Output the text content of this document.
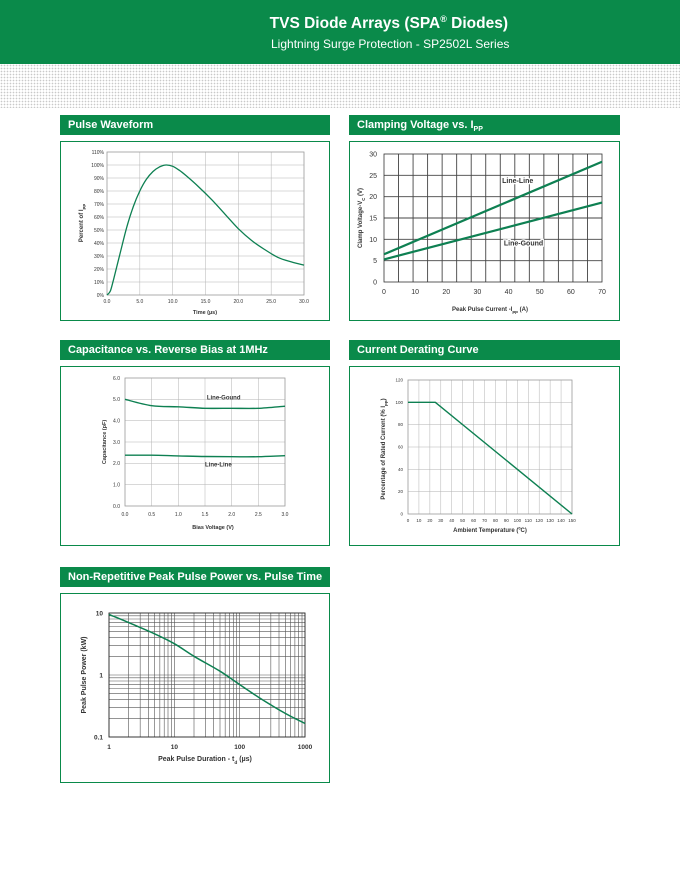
TVS Diode Arrays (SPA® Diodes)
Lightning Surge Protection - SP2502L Series
Pulse Waveform
0.0	5.0	10.0	15.0	20.0	25.0	30.0
0%
10%
20%
30%
40%
50%
60%
70%
80%
90%
100%
110%
Time (µs)
Percent of $I_{PP}$
Clamping Voltage vs. $I_{PP}$
0	10	20	30	40	50	60	70
0
5
10
15
20
25
30
Line-Line
Line-Gound
Peak Pulse Current $-I_{PP}$ (A)
Clamp Voltage-$V_C$ (V)
Capacitance vs. Reverse Bias at 1MHz
0.0	0.5	1.0	1.5	2.0	2.5	3.0
0.0
1.0
2.0
3.0
4.0
5.0
6.0
Line-Gound
Line-Line
Bias Voltage (V)
Capacitance (pF)
Current Derating Curve
0 10 20 30 40 50 60 70 80 90 100 110 120 130 140 150
0
20
40
60
80
100
120
Ambient Temperature (ºC)
Percentage of Rated Current (% $I_{PP}$)
Non-Repetitive Peak Pulse Power vs. Pulse Time
1	10	100	1000
0.1
1
10
Peak Pulse Duration - $t_d$ (µs)
Peak Pulse Power (kW)
